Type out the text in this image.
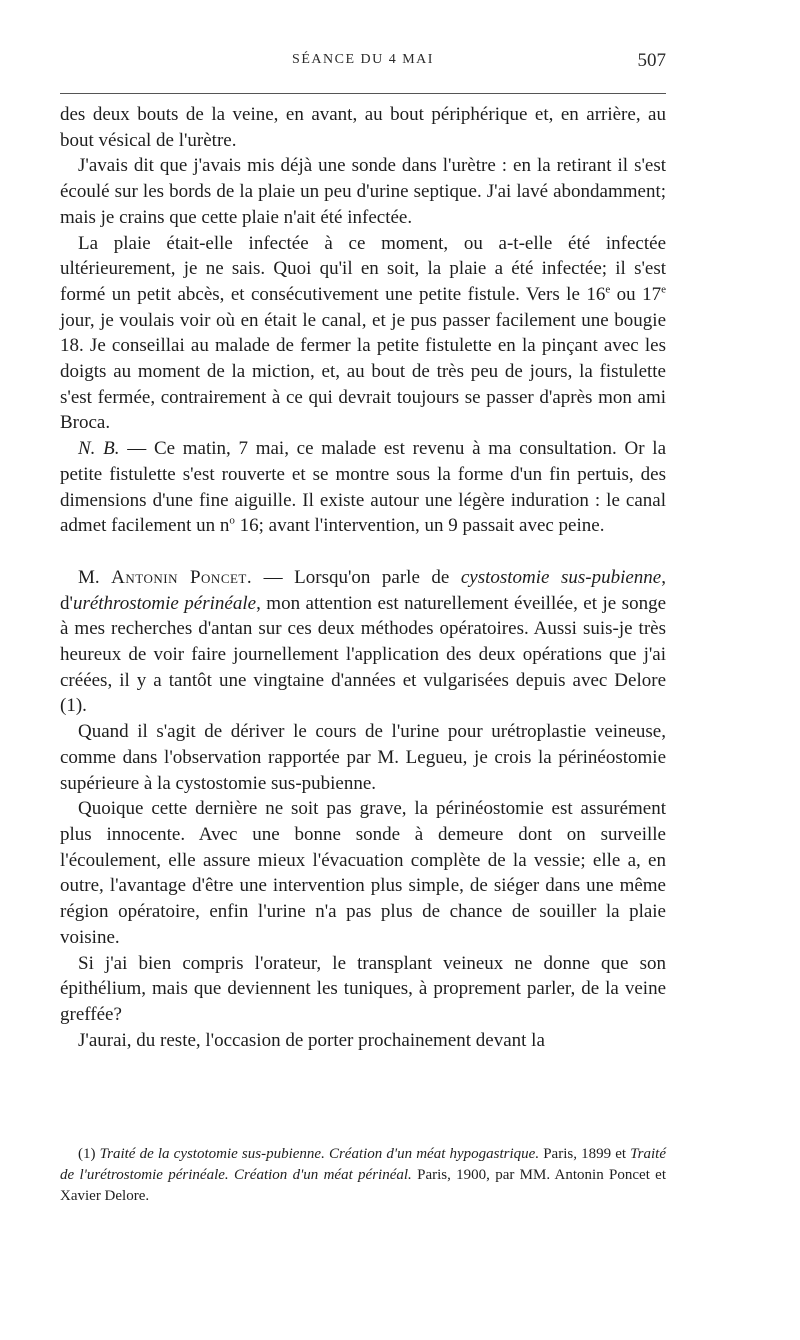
SÉANCE DU 4 MAI	507

des deux bouts de la veine, en avant, au bout périphérique et, en arrière, au bout vésical de l'urètre.

J'avais dit que j'avais mis déjà une sonde dans l'urètre : en la retirant il s'est écoulé sur les bords de la plaie un peu d'urine septique. J'ai lavé abondamment; mais je crains que cette plaie n'ait été infectée.

La plaie était-elle infectée à ce moment, ou a-t-elle été infectée ultérieurement, je ne sais. Quoi qu'il en soit, la plaie a été infectée; il s'est formé un petit abcès, et consécutivement une petite fistule. Vers le 16e ou 17e jour, je voulais voir où en était le canal, et je pus passer facilement une bougie 18. Je conseillai au malade de fermer la petite fistulette en la pinçant avec les doigts au moment de la miction, et, au bout de très peu de jours, la fistulette s'est fermée, contrairement à ce qui devrait toujours se passer d'après mon ami Broca.

N. B. — Ce matin, 7 mai, ce malade est revenu à ma consultation. Or la petite fistulette s'est rouverte et se montre sous la forme d'un fin pertuis, des dimensions d'une fine aiguille. Il existe autour une légère induration : le canal admet facilement un $n^o$ 16; avant l'intervention, un 9 passait avec peine.

M. Antonin Poncet. — Lorsqu'on parle de cystostomie sus-pubienne, d'uréthrostomie périnéale, mon attention est naturellement éveillée, et je songe à mes recherches d'antan sur ces deux méthodes opératoires. Aussi suis-je très heureux de voir faire journellement l'application des deux opérations que j'ai créées, il y a tantôt une vingtaine d'années et vulgarisées depuis avec Delore (1).

Quand il s'agit de dériver le cours de l'urine pour urétroplastie veineuse, comme dans l'observation rapportée par M. Legueu, je crois la périnéostomie supérieure à la cystostomie sus-pubienne.

Quoique cette dernière ne soit pas grave, la périnéostomie est assurément plus innocente. Avec une bonne sonde à demeure dont on surveille l'écoulement, elle assure mieux l'évacuation complète de la vessie; elle a, en outre, l'avantage d'être une intervention plus simple, de siéger dans une même région opératoire, enfin l'urine n'a pas plus de chance de souiller la plaie voisine.

Si j'ai bien compris l'orateur, le transplant veineux ne donne que son épithélium, mais que deviennent les tuniques, à proprement parler, de la veine greffée?

J'aurai, du reste, l'occasion de porter prochainement devant la

(1) Traité de la cystotomie sus-pubienne. Création d'un méat hypogastrique. Paris, 1899 et Traité de l'urétrostomie périnéale. Création d'un méat périnéal. Paris, 1900, par MM. Antonin Poncet et Xavier Delore.
